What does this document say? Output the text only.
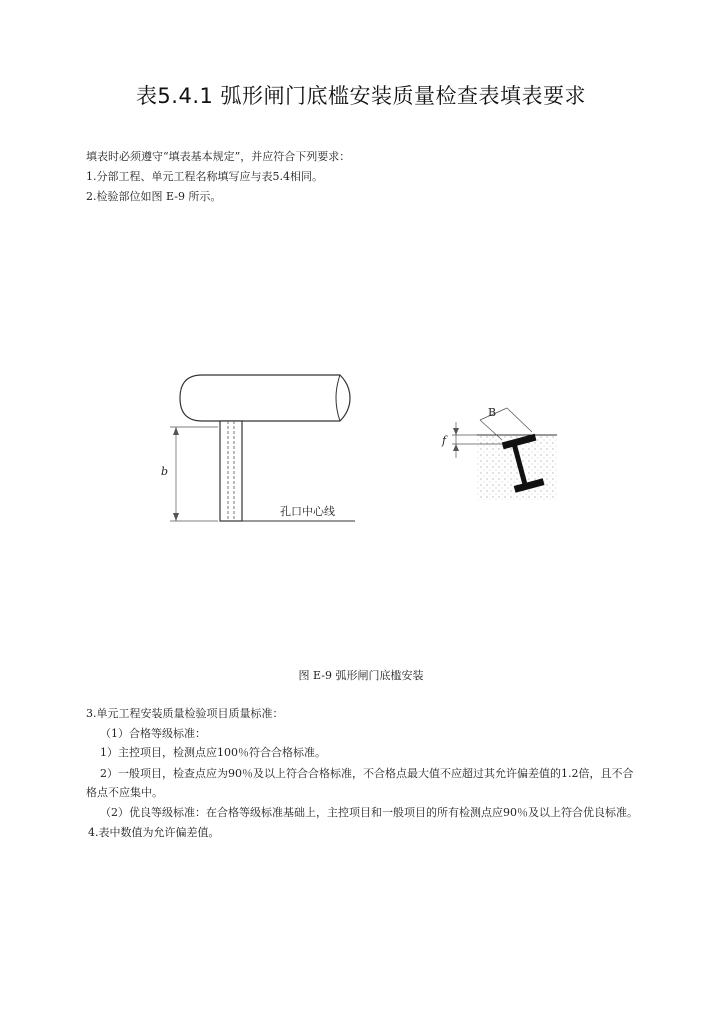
表5.4.1 弧形闸门底槛安装质量检查表填表要求
填表时必须遵守“填表基本规定”，并应符合下列要求：
1.分部工程、单元工程名称填写应与表5.4相同。
2.检验部位如图 E-9 所示。
b
孔口中心线
B
f
图 E-9 弧形闸门底槛安装
3.单元工程安装质量检验项目质量标准：
（1）合格等级标准：
1）主控项目，检测点应100％符合合格标准。
2）一般项目，检查点应为90％及以上符合合格标准，不合格点最大值不应超过其允许偏差值的1.2倍，且不合
格点不应集中。
（2）优良等级标准：在合格等级标准基础上，主控项目和一般项目的所有检测点应90％及以上符合优良标准。
4.表中数值为允许偏差值。
